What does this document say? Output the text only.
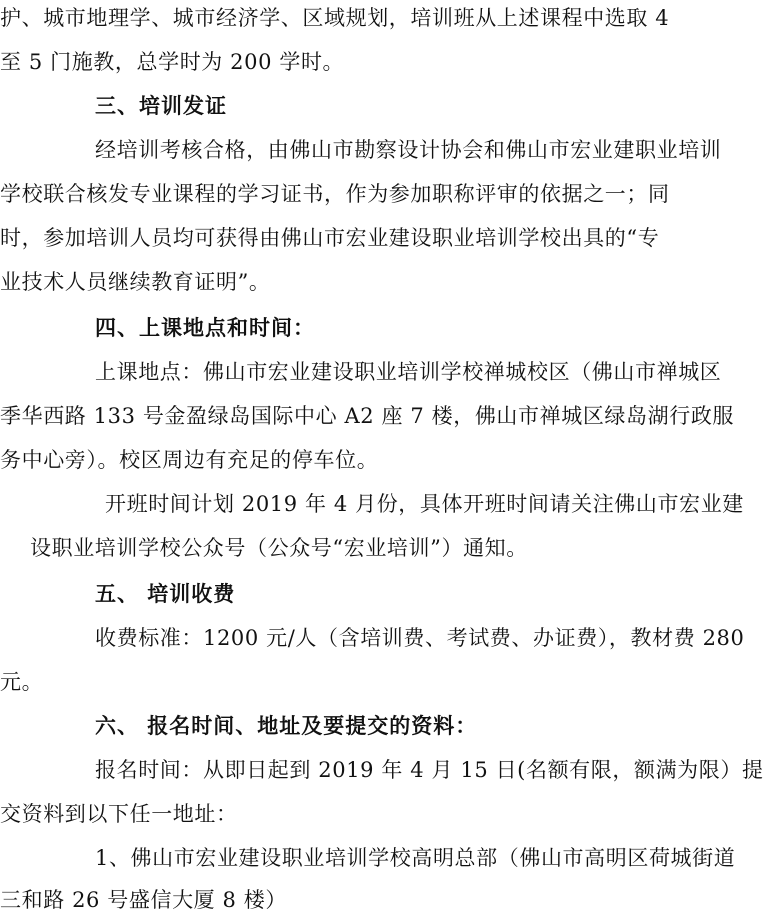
护、城市地理学、城市经济学、区域规划，培训班从上述课程中选取 4
至 5 门施教，总学时为 200 学时。
三、培训发证
经培训考核合格，由佛山市勘察设计协会和佛山市宏业建职业培训
学校联合核发专业课程的学习证书，作为参加职称评审的依据之一；同
时，参加培训人员均可获得由佛山市宏业建设职业培训学校出具的“专
业技术人员继续教育证明”。
四、上课地点和时间：
上课地点：佛山市宏业建设职业培训学校禅城校区（佛山市禅城区
季华西路 133 号金盈绿岛国际中心 A2 座 7 楼，佛山市禅城区绿岛湖行政服
务中心旁）。校区周边有充足的停车位。
开班时间计划 2019 年 4 月份，具体开班时间请关注佛山市宏业建
设职业培训学校公众号（公众号“宏业培训”）通知。
五、 培训收费
收费标准：1200 元/人（含培训费、考试费、办证费），教材费 280
元。
六、 报名时间、地址及要提交的资料：
报名时间：从即日起到 2019 年 4 月 15 日(名额有限，额满为限）提
交资料到以下任一地址：
1、佛山市宏业建设职业培训学校高明总部（佛山市高明区荷城街道
三和路 26 号盛信大厦 8 楼）
